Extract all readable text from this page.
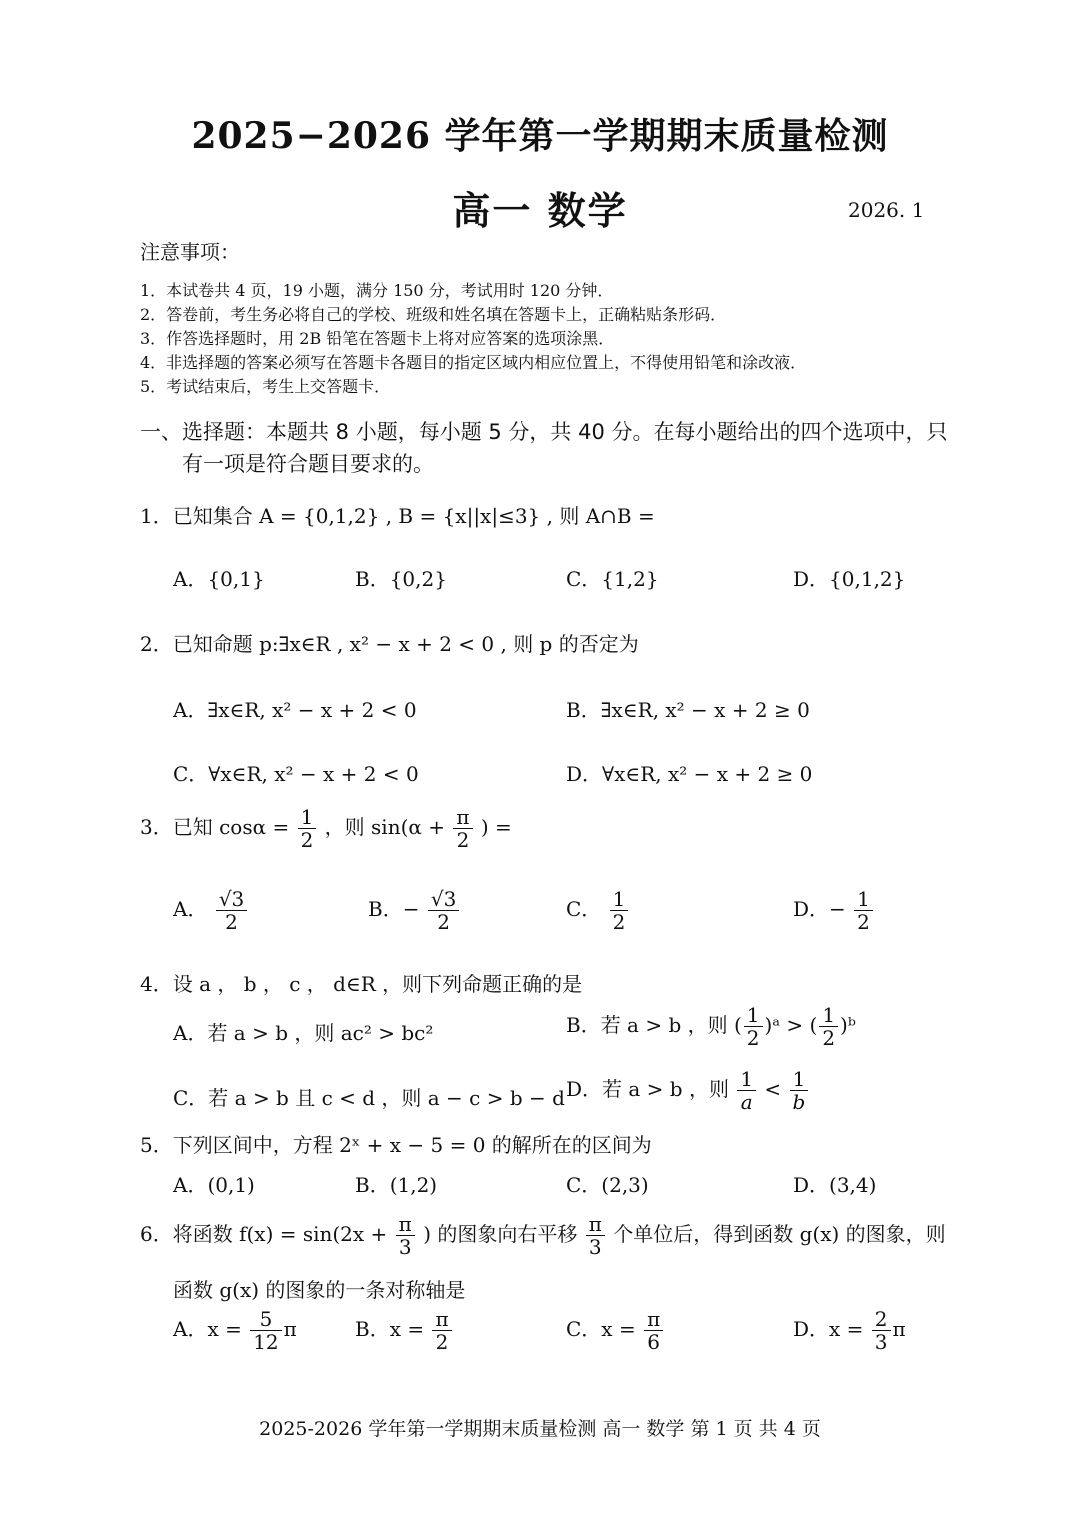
2025−2026 学年第一学期期末质量检测
高一 数学	2026. 1
注意事项：
1．本试卷共 4 页，19 小题，满分 150 分，考试用时 120 分钟．
2．答卷前，考生务必将自己的学校、班级和姓名填在答题卡上，正确粘贴条形码．
3．作答选择题时，用 2B 铅笔在答题卡上将对应答案的选项涂黑．
4．非选择题的答案必须写在答题卡各题目的指定区域内相应位置上，不得使用铅笔和涂改液．
5．考试结束后，考生上交答题卡．
一、选择题：本题共 8 小题，每小题 5 分，共 40 分。在每小题给出的四个选项中，只
有一项是符合题目要求的。
1．已知集合 A = {0,1,2} , B = {x||x|≤3} , 则 A∩B =
A．{0,1}	B．{0,2}	C．{1,2}	D．{0,1,2}
2．已知命题 p:∃x∈R , x² − x + 2 < 0 , 则 p 的否定为
A．∃x∈R, x² − x + 2 < 0	B．∃x∈R, x² − x + 2 ≥ 0
C．∀x∈R, x² − x + 2 < 0	D．∀x∈R, x² − x + 2 ≥ 0
3．已知 $\cos\alpha = \frac{1}{2}$ ，则 $\sin(\alpha + \frac{\pi}{2}$ ) =
A． $\frac{√3}{2}$	B．− $\frac{√3}{2}$	C． $\frac{1}{2}$	D．− $\frac{1}{2}$
4．设 a ， b ， c ， d∈R ，则下列命题正确的是
A．若 a > b ，则 ac² > bc²	B．若 a > b ，则 ( $\frac{1}{2}$ )ᵃ > ( $\frac{1}{2}$ )ᵇ
C．若 a > b 且 c < d ，则 a − c > b − d D．若 a > b ，则 $\frac{1}{a} < \frac{1}{b}$
5．下列区间中，方程 2ˣ + x − 5 = 0 的解所在的区间为
A．(0,1)	B．(1,2)	C．(2,3)	D．(3,4)
6．将函数 $f(x) = \sin(2x + \frac{\pi}{3}$ ) 的图象向右平移 $\frac{\pi}{3}$ 个单位后，得到函数 g(x) 的图象，则
函数 g(x) 的图象的一条对称轴是
A．$x = \frac{5}{12}$ π	B．$x = \frac{\pi}{2}$	C．$x = \frac{\pi}{6}$	D．$x = \frac{2}{3}$ π
2025-2026 学年第一学期期末质量检测 高一 数学 第 1 页 共 4 页
